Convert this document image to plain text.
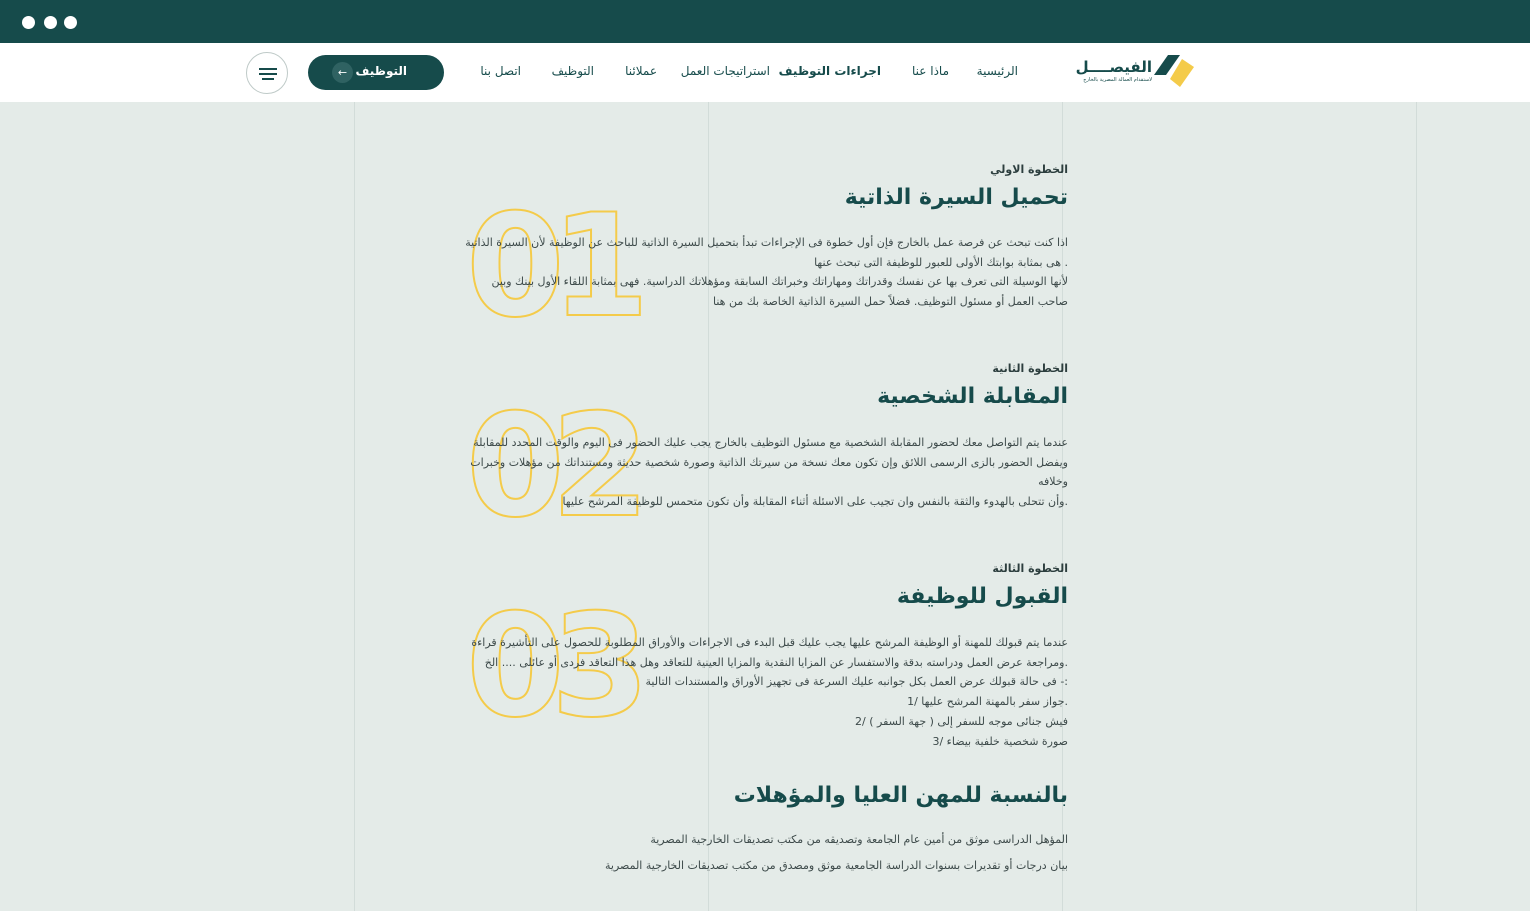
الفيصــــل
لاستقدام العمالة المصرية بالخارج
الرئيسية
ماذا عنا
اجراءات التوظيف
استراتيجات العمل
عملائنا
التوظيف
اتصل بنا
التوظيف
←
01
الخطوة الاولي
تحميل السيرة الذاتية

اذا كنت تبحث عن فرصة عمل بالخارج فإن أول خطوة فى الإجراءات تبدأ بتحميل السيرة الذاتية للباحث عن الوظيفة لأن السيرة الذاتية

. هى بمثابة بوابتك الأولى للعبور للوظيفة التى تبحث عنها

لأنها الوسيلة التى تعرف بها عن نفسك وقدراتك ومهاراتك وخبراتك السابقة ومؤهلاتك الدراسية. فهى بمثابة اللقاء الأول بينك وبين

صاحب العمل أو مسئول التوظيف. فضلاً حمل السيرة الذاتية الخاصة بك من هنا

02
الخطوة الثانية
المقابلة الشخصية

عندما يتم التواصل معك لحضور المقابلة الشخصية مع مسئول التوظيف بالخارج يجب عليك الحضور فى اليوم والوقت المحدد للمقابلة

ويفضل الحضور بالزى الرسمى اللائق وإن تكون معك نسخة من سيرتك الذاتية وصورة شخصية حديثة ومستنداتك من مؤهلات وخبرات

وخلافه

.وأن تتحلى بالهدوء والثقة بالنفس وان تجيب على الاسئلة أثناء المقابلة وأن تكون متحمس للوظيفة المرشح عليها

03
الخطوة الثالثة
القبول للوظيفة

عندما يتم قبولك للمهنة أو الوظيفة المرشح عليها يجب عليك قبل البدء فى الاجراءات والأوراق المطلوبة للحصول على التأشيرة قراءة

.ومراجعة عرض العمل ودراسته بدقة والاستفسار عن المزايا النقدية والمزايا العينية للتعاقد وهل هذا التعاقد فردى أو عائلى .... الخ

:- فى حالة قبولك عرض العمل بكل جوانبه عليك السرعة فى تجهيز الأوراق والمستندات التالية

.جواز سفر بالمهنة المرشح عليها /1

فيش جنائى موجه للسفر إلى ( جهة السفر ) /2

صورة شخصية خلفية بيضاء /3

بالنسبة للمهن العليا والمؤهلات
المؤهل الدراسى موثق من أمين عام الجامعة وتصديقه من مكتب تصديقات الخارجية المصرية
بيان درجات أو تقديرات بسنوات الدراسة الجامعية موثق ومصدق من مكتب تصديقات الخارجية المصرية
